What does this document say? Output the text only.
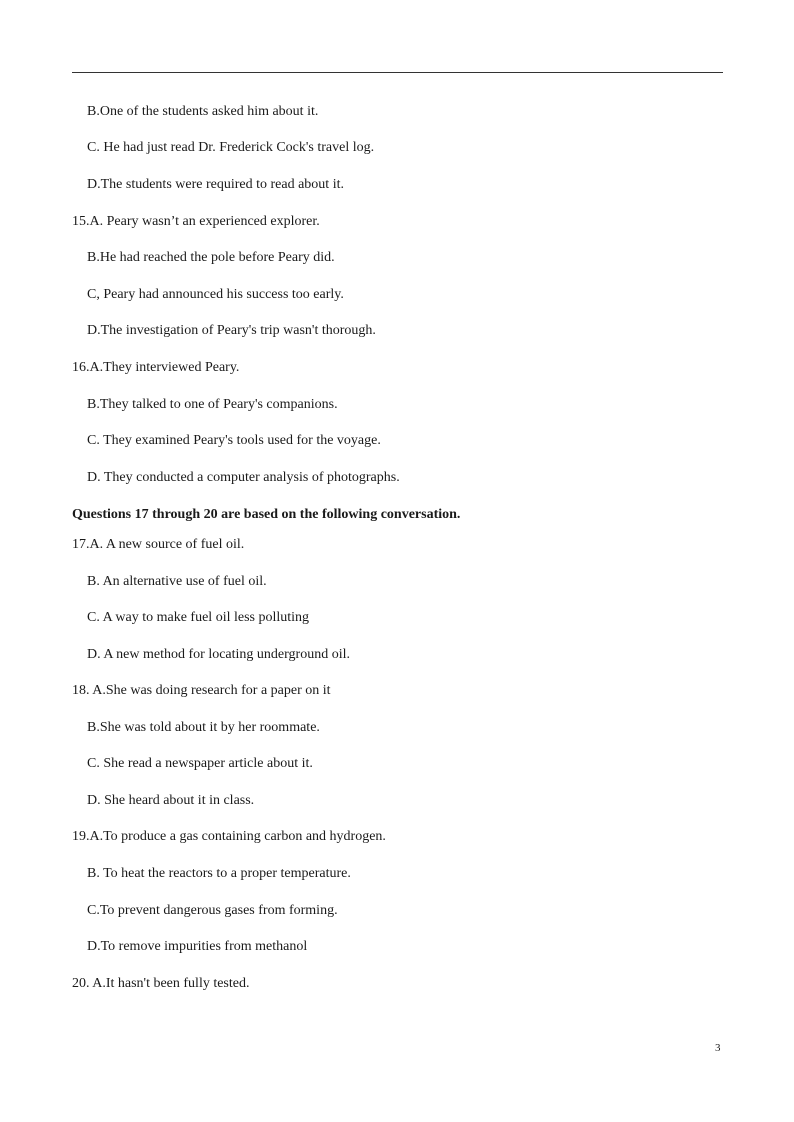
B.One of the students asked him about it.
C. He had just read Dr. Frederick Cock's travel log.
D.The students were required to read about it.
15.A. Peary wasn’t an experienced explorer.
B.He had reached the pole before Peary did.
C, Peary had announced his success too early.
D.The investigation of Peary's trip wasn't thorough.
16.A.They interviewed Peary.
B.They talked to one of Peary's companions.
C. They examined Peary's tools used for the voyage.
D. They conducted a computer analysis of photographs.
Questions 17 through 20 are based on the following conversation.
17.A. A new source of fuel oil.
B. An alternative use of fuel oil.
C. A way to make fuel oil less polluting
D. A new method for locating underground oil.
18. A.She was doing research for a paper on it
B.She was told about it by her roommate.
C. She read a newspaper article about it.
D. She heard about it in class.
19.A.To produce a gas containing carbon and hydrogen.
B. To heat the reactors to a proper temperature.
C.To prevent dangerous gases from forming.
D.To remove impurities from methanol
20. A.It hasn't been fully tested.
3
